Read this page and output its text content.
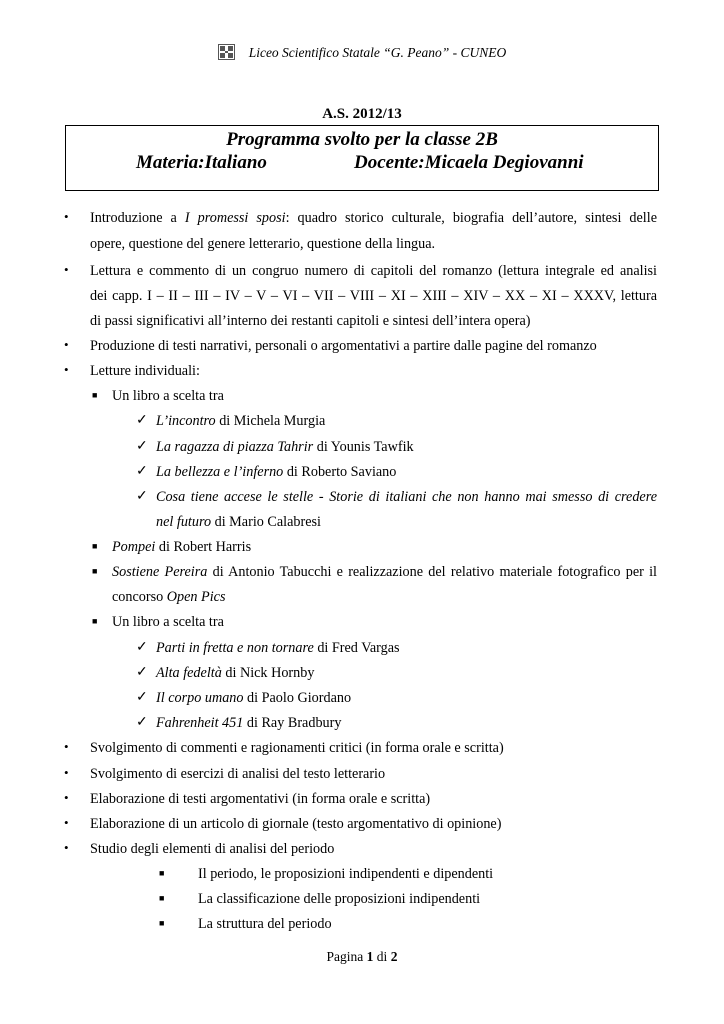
Liceo Scientifico Statale “G. Peano” - CUNEO
A.S. 2012/13
Programma svolto per la classe 2B
Materia:Italiano	Docente:Micaela Degiovanni
• Introduzione a I promessi sposi: quadro storico culturale, biografia dell’autore, sintesi delle
opere, questione del genere letterario, questione della lingua.
• Lettura e commento di un congruo numero di capitoli del romanzo (lettura integrale ed analisi
dei capp. I – II – III – IV – V – VI – VII – VIII – XI – XIII – XIV – XX – XI – XXXV, lettura
di passi significativi all’interno dei restanti capitoli e sintesi dell’intera opera)
• Produzione di testi narrativi, personali o argomentativi a partire dalle pagine del romanzo
• Letture individuali:
■ Un libro a scelta tra
✓ L’incontro di Michela Murgia
✓ La ragazza di piazza Tahrir di Younis Tawfik
✓ La bellezza e l’inferno di Roberto Saviano
✓ Cosa tiene accese le stelle - Storie di italiani che non hanno mai smesso di credere
nel futuro di Mario Calabresi
■ Pompei di Robert Harris
■ Sostiene Pereira di Antonio Tabucchi e realizzazione del relativo materiale fotografico per il
concorso Open Pics
■ Un libro a scelta tra
✓ Parti in fretta e non tornare di Fred Vargas
✓ Alta fedeltà di Nick Hornby
✓ Il corpo umano di Paolo Giordano
✓ Fahrenheit 451 di Ray Bradbury
• Svolgimento di commenti e ragionamenti critici (in forma orale e scritta)
• Svolgimento di esercizi di analisi del testo letterario
• Elaborazione di testi argomentativi (in forma orale e scritta)
• Elaborazione di un articolo di giornale (testo argomentativo di opinione)
• Studio degli elementi di analisi del periodo
■ Il periodo, le proposizioni indipendenti e dipendenti
■ La classificazione delle proposizioni indipendenti
■ La struttura del periodo
Pagina 1 di 2
